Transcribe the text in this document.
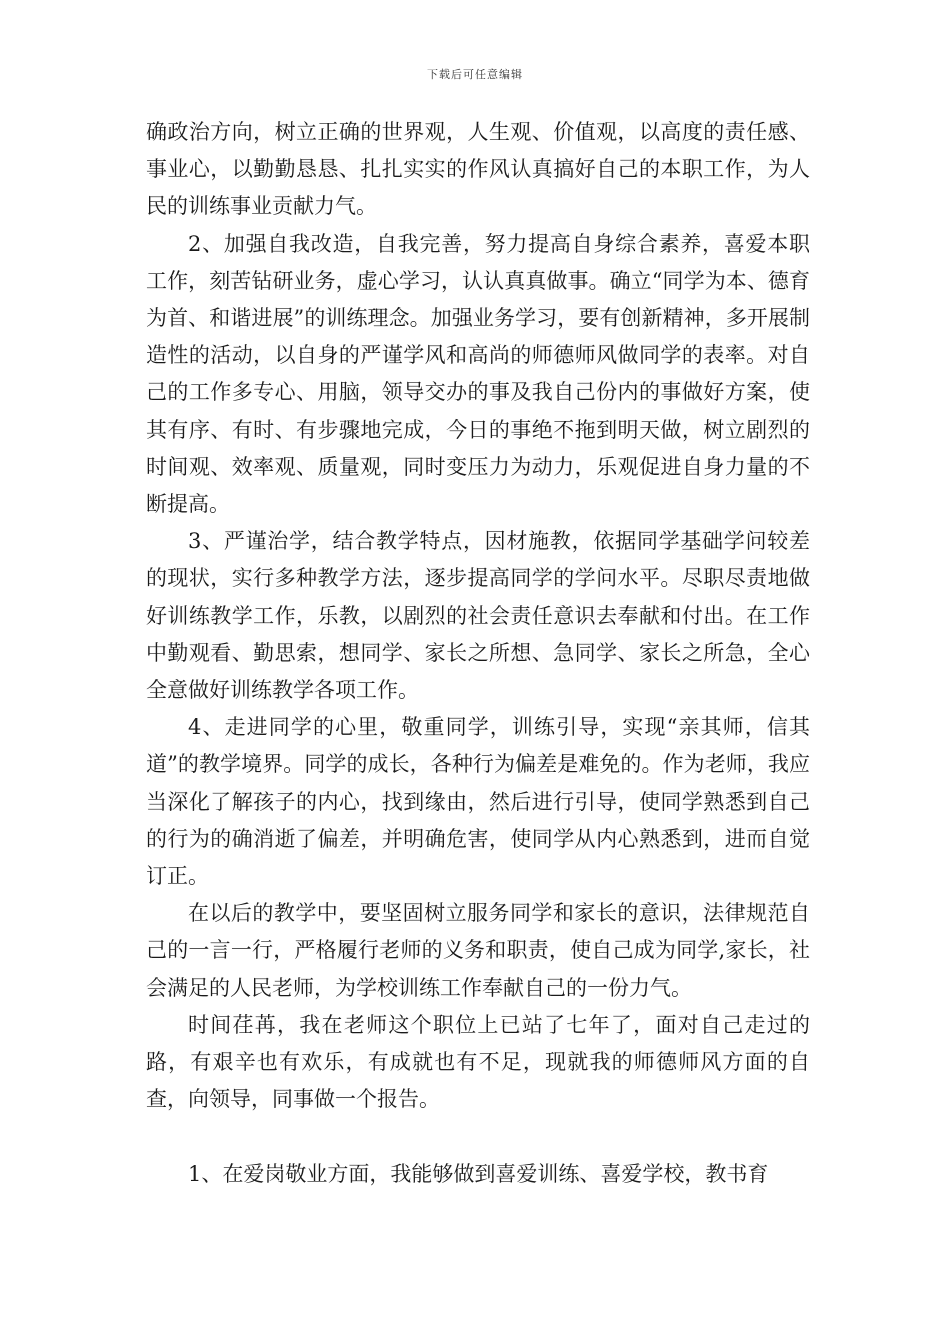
下载后可任意编辑

确政治方向，树立正确的世界观，人生观、价值观，以高度的责任感、事业心，以勤勤恳恳、扎扎实实的作风认真搞好自己的本职工作，为人民的训练事业贡献力气。

2、加强自我改造，自我完善，努力提高自身综合素养，喜爱本职工作，刻苦钻研业务，虚心学习，认认真真做事。确立“同学为本、德育为首、和谐进展”的训练理念。加强业务学习，要有创新精神，多开展制造性的活动，以自身的严谨学风和高尚的师德师风做同学的表率。对自己的工作多专心、用脑，领导交办的事及我自己份内的事做好方案，使其有序、有时、有步骤地完成，今日的事绝不拖到明天做，树立剧烈的时间观、效率观、质量观，同时变压力为动力，乐观促进自身力量的不断提高。

3、严谨治学，结合教学特点，因材施教，依据同学基础学问较差的现状，实行多种教学方法，逐步提高同学的学问水平。尽职尽责地做好训练教学工作，乐教，以剧烈的社会责任意识去奉献和付出。在工作中勤观看、勤思索，想同学、家长之所想、急同学、家长之所急，全心全意做好训练教学各项工作。

4、走进同学的心里，敬重同学，训练引导，实现“亲其师，信其道”的教学境界。同学的成长，各种行为偏差是难免的。作为老师，我应当深化了解孩子的内心，找到缘由，然后进行引导，使同学熟悉到自己的行为的确消逝了偏差，并明确危害，使同学从内心熟悉到，进而自觉订正。

在以后的教学中，要坚固树立服务同学和家长的意识，法律规范自己的一言一行，严格履行老师的义务和职责，使自己成为同学,家长，社会满足的人民老师，为学校训练工作奉献自己的一份力气。

时间荏苒，我在老师这个职位上已站了七年了，面对自己走过的路，有艰辛也有欢乐，有成就也有不足，现就我的师德师风方面的自查，向领导，同事做一个报告。

1、在爱岗敬业方面，我能够做到喜爱训练、喜爱学校，教书育
